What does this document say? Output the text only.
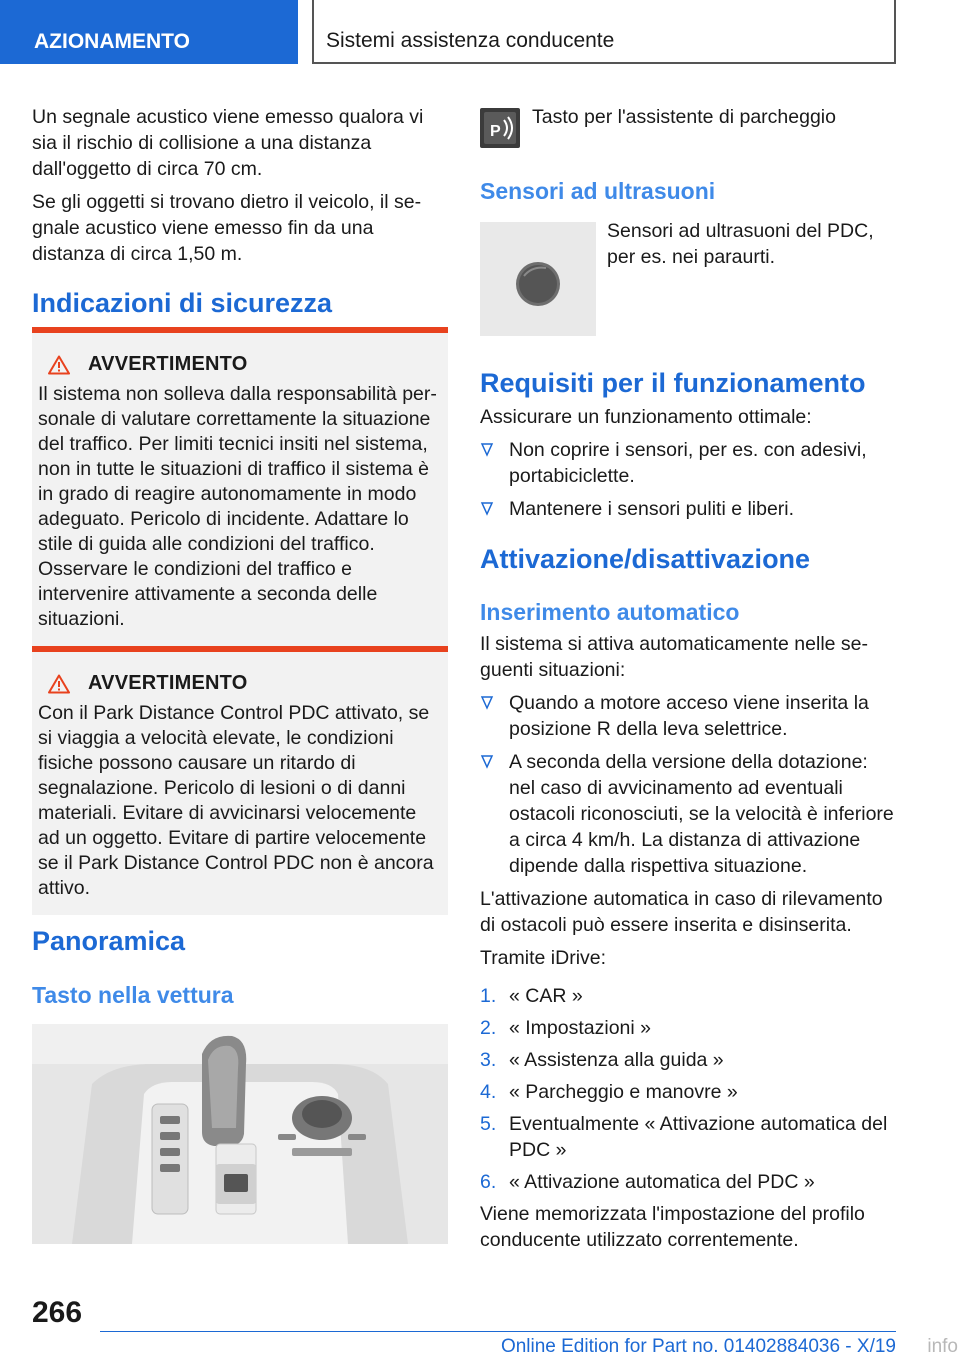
AZIONAMENTO	Sistemi assistenza conducente

Un segnale acustico viene emesso qualora vi sia il rischio di collisione a una distanza dall'oggetto di circa 70 cm.

Se gli oggetti si trovano dietro il veicolo, il segnale acustico viene emesso fin da una distanza di circa 1,50 m.

Indicazioni di sicurezza
AVVERTIMENTO

Il sistema non solleva dalla responsabilità personale di valutare correttamente la situazione del traffico. Per limiti tecnici insiti nel sistema, non in tutte le situazioni di traffico il sistema è in grado di reagire autonomamente in modo adeguato. Pericolo di incidente. Adattare lo stile di guida alle condizioni del traffico. Osservare le condizioni del traffico e intervenire attivamente a seconda delle situazioni.

AVVERTIMENTO

Con il Park Distance Control PDC attivato, se si viaggia a velocità elevate, le condizioni fisiche possono causare un ritardo di segnalazione. Pericolo di lesioni o di danni materiali. Evitare di avvicinarsi velocemente ad un oggetto. Evitare di partire velocemente se il Park Distance Control PDC non è ancora attivo.

Panoramica
Tasto nella vettura
P

Tasto per l'assistente di parcheggio

Sensori ad ultrasuoni

Sensori ad ultrasuoni del PDC, per es. nei paraurti.

Requisiti per il funzionamento

Assicurare un funzionamento ottimale:

Non coprire i sensori, per es. con adesivi, portabiciclette.
Mantenere i sensori puliti e liberi.
Attivazione/disattivazione
Inserimento automatico

Il sistema si attiva automaticamente nelle seguenti situazioni:

Quando a motore acceso viene inserita la posizione R della leva selettrice.
A seconda della versione della dotazione: nel caso di avvicinamento ad eventuali ostacoli riconosciuti, se la velocità è inferiore a circa 4 km/h. La distanza di attivazione dipende dalla rispettiva situazione.

L'attivazione automatica in caso di rilevamento di ostacoli può essere inserita e disinserita.

Tramite iDrive:

1. « CAR »
2. « Impostazioni »
3. « Assistenza alla guida »
4. « Parcheggio e manovre »
5. Eventualmente « Attivazione automatica del PDC »
6. « Attivazione automatica del PDC »

Viene memorizzata l'impostazione del profilo conducente utilizzato correntemente.

266
Online Edition for Part no. 01402884036 - X/19 info
